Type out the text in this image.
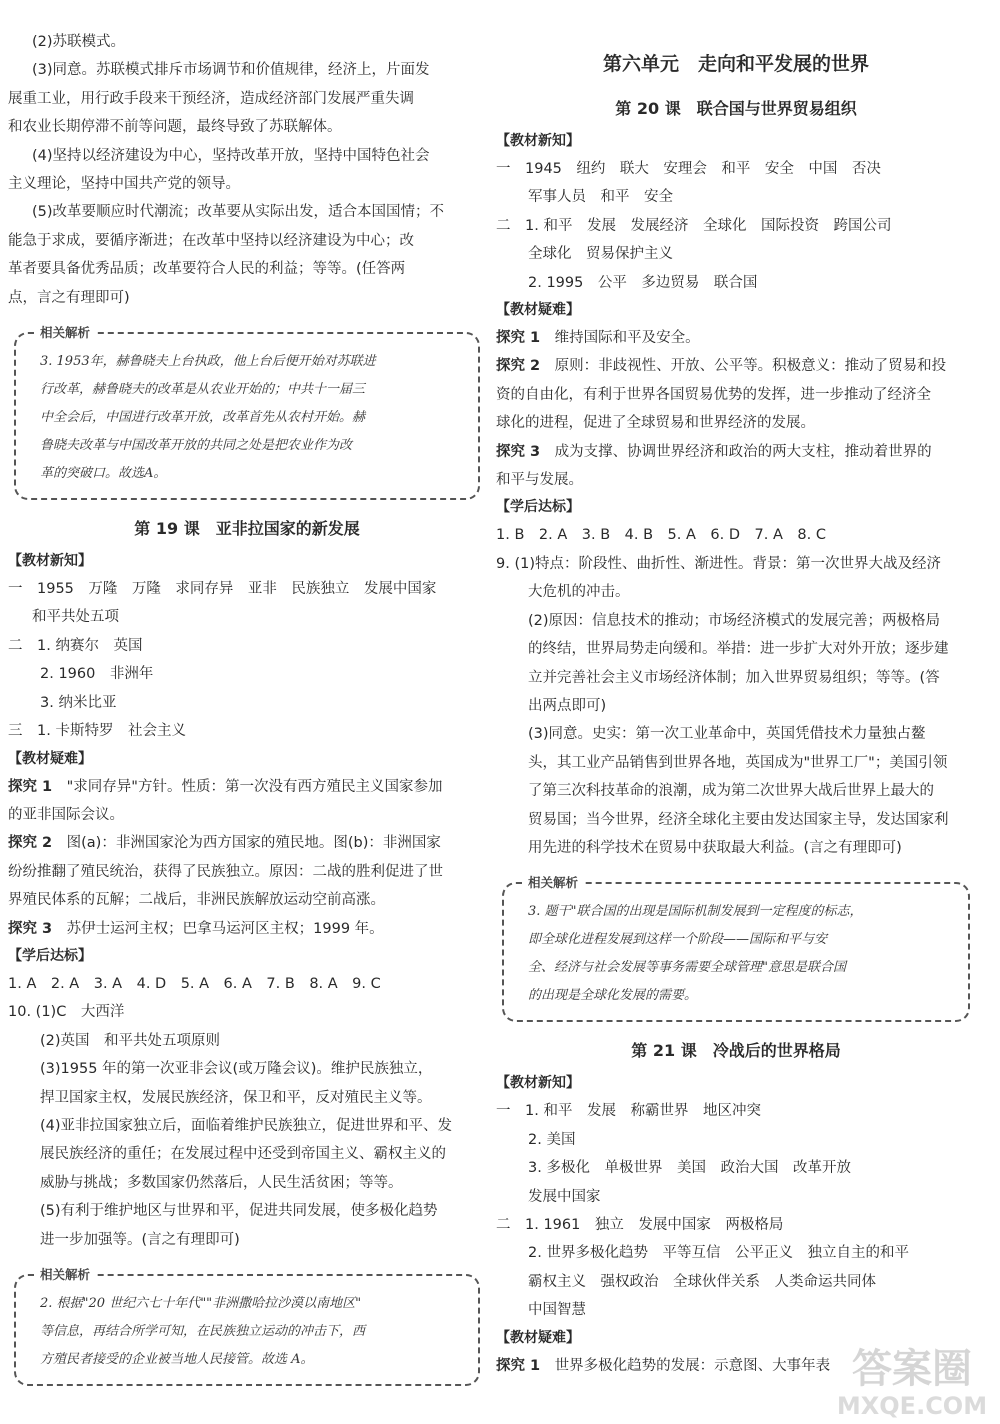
(2)苏联模式。
(3)同意。苏联模式排斥市场调节和价值规律，经济上，片面发
展重工业，用行政手段来干预经济，造成经济部门发展严重失调
和农业长期停滞不前等问题，最终导致了苏联解体。
(4)坚持以经济建设为中心，坚持改革开放，坚持中国特色社会
主义理论，坚持中国共产党的领导。
(5)改革要顺应时代潮流；改革要从实际出发，适合本国国情；不
能急于求成，要循序渐进；在改革中坚持以经济建设为中心；改
革者要具备优秀品质；改革要符合人民的利益；等等。(任答两
点，言之有理即可)
相关解析
3. 1953年，赫鲁晓夫上台执政，他上台后便开始对苏联进
行改革，赫鲁晓夫的改革是从农业开始的；中共十一届三
中全会后，中国进行改革开放，改革首先从农村开始。赫
鲁晓夫改革与中国改革开放的共同之处是把农业作为改
革的突破口。故选A。
第 19 课　亚非拉国家的新发展
【教材新知】
一　1955　万隆　万隆　求同存异　亚非　民族独立　发展中国家
和平共处五项
二　1. 纳赛尔　英国
2. 1960　非洲年
3. 纳米比亚
三　1. 卡斯特罗　社会主义
【教材疑难】
探究 1　 "求同存异"方针。性质：第一次没有西方殖民主义国家参加
的亚非国际会议。
探究 2　 图(a)：非洲国家沦为西方国家的殖民地。图(b)：非洲国家
纷纷推翻了殖民统治，获得了民族独立。原因：二战的胜利促进了世
界殖民体系的瓦解；二战后，非洲民族解放运动空前高涨。
探究 3　 苏伊士运河主权；巴拿马运河区主权；1999 年。
【学后达标】
1. A　2. A　3. A　4. D　5. A　6. A　7. B　8. A　9. C
10. (1)C　大西洋
(2)英国　和平共处五项原则
(3)1955 年的第一次亚非会议(或万隆会议)。维护民族独立，
捍卫国家主权，发展民族经济，保卫和平，反对殖民主义等。
(4)亚非拉国家独立后，面临着维护民族独立，促进世界和平、发
展民族经济的重任；在发展过程中还受到帝国主义、霸权主义的
威胁与挑战；多数国家仍然落后，人民生活贫困；等等。
(5)有利于维护地区与世界和平，促进共同发展，使多极化趋势
进一步加强等。(言之有理即可)
相关解析
2. 根据"20 世纪六七十年代""非洲撒哈拉沙漠以南地区"
等信息，再结合所学可知，在民族独立运动的冲击下，西
方殖民者接受的企业被当地人民接管。故选 A。
第六单元　走向和平发展的世界
第 20 课　联合国与世界贸易组织
【教材新知】
一　1945　纽约　联大　安理会　和平　安全　中国　否决
军事人员　和平　安全
二　1. 和平　发展　发展经济　全球化　国际投资　跨国公司
全球化　贸易保护主义
2. 1995　公平　多边贸易　联合国
【教材疑难】
探究 1　 维持国际和平及安全。
探究 2　 原则：非歧视性、开放、公平等。积极意义：推动了贸易和投
资的自由化，有利于世界各国贸易优势的发挥，进一步推动了经济全
球化的进程，促进了全球贸易和世界经济的发展。
探究 3　 成为支撑、协调世界经济和政治的两大支柱，推动着世界的
和平与发展。
【学后达标】
1. B　2. A　3. B　4. B　5. A　6. D　7. A　8. C
9. (1)特点：阶段性、曲折性、渐进性。背景：第一次世界大战及经济
大危机的冲击。
(2)原因：信息技术的推动；市场经济模式的发展完善；两极格局
的终结，世界局势走向缓和。举措：进一步扩大对外开放；逐步建
立并完善社会主义市场经济体制；加入世界贸易组织；等等。(答
出两点即可)
(3)同意。史实：第一次工业革命中，英国凭借技术力量独占鳌
头，其工业产品销售到世界各地，英国成为"世界工厂"；美国引领
了第三次科技革命的浪潮，成为第二次世界大战后世界上最大的
贸易国；当今世界，经济全球化主要由发达国家主导，发达国家利
用先进的科学技术在贸易中获取最大利益。(言之有理即可)
相关解析
3. 题干"联合国的出现是国际机制发展到一定程度的标志，
即全球化进程发展到这样一个阶段——国际和平与安
全、经济与社会发展等事务需要全球管理"意思是联合国
的出现是全球化发展的需要。
第 21 课　冷战后的世界格局
【教材新知】
一　1. 和平　发展　称霸世界　地区冲突
2. 美国
3. 多极化　单极世界　美国　政治大国　改革开放
发展中国家
二　1. 1961　独立　发展中国家　两极格局
2. 世界多极化趋势　平等互信　公平正义　独立自主的和平
霸权主义　强权政治　全球伙伴关系　人类命运共同体
中国智慧
【教材疑难】
探究 1　 世界多极化趋势的发展：示意图、大事年表 答案圈
MXQE.COM
